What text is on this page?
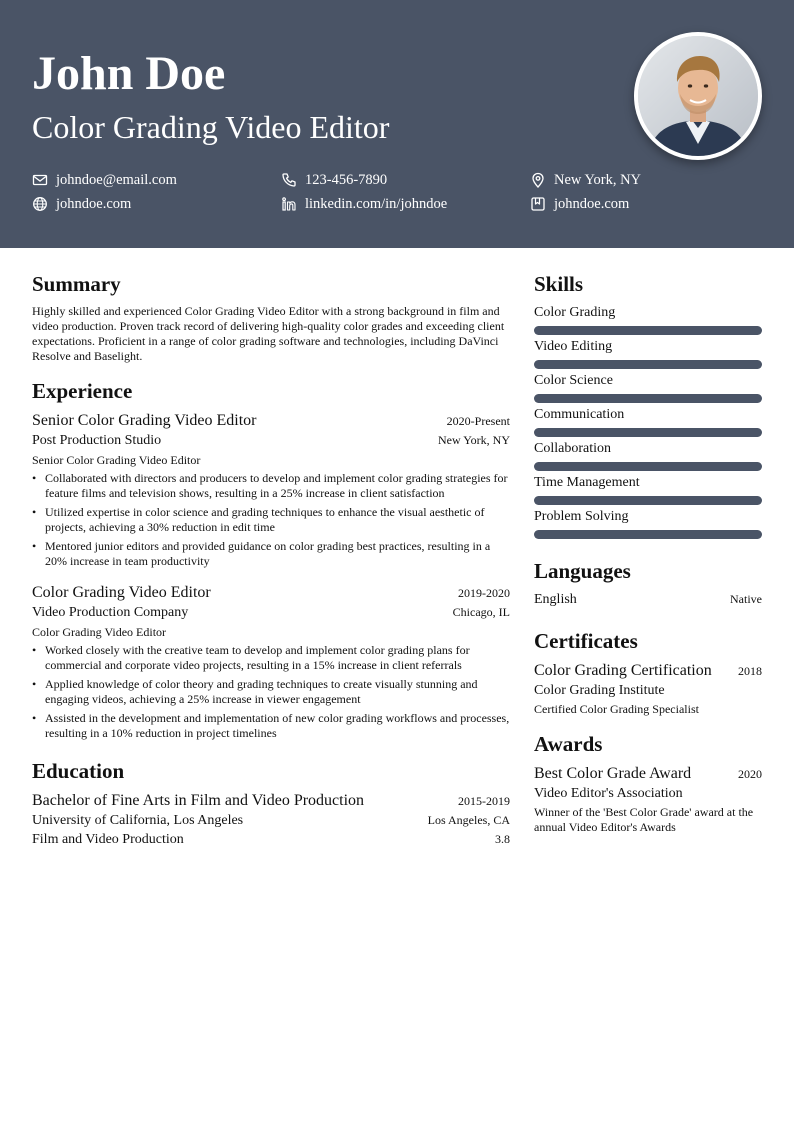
John Doe
Color Grading Video Editor
johndoe@email.com	123-456-7890	New York, NY
johndoe.com	linkedin.com/in/johndoe	johndoe.com
Summary
Highly skilled and experienced Color Grading Video Editor with a strong background in film and video production. Proven track record of delivering high-quality color grades and exceeding client expectations. Proficient in a range of color grading software and technologies, including DaVinci Resolve and Baselight.
Experience
Senior Color Grading Video Editor	2020-Present
Post Production Studio	New York, NY
Senior Color Grading Video Editor
• Collaborated with directors and producers to develop and implement color grading strategies for feature films and television shows, resulting in a 25% increase in client satisfaction
• Utilized expertise in color science and grading techniques to enhance the visual aesthetic of projects, achieving a 30% reduction in edit time
• Mentored junior editors and provided guidance on color grading best practices, resulting in a 20% increase in team productivity
Color Grading Video Editor	2019-2020
Video Production Company	Chicago, IL
Color Grading Video Editor
• Worked closely with the creative team to develop and implement color grading plans for commercial and corporate video projects, resulting in a 15% increase in client referrals
• Applied knowledge of color theory and grading techniques to create visually stunning and engaging videos, achieving a 25% increase in viewer engagement
• Assisted in the development and implementation of new color grading workflows and processes, resulting in a 10% reduction in project timelines
Education
Bachelor of Fine Arts in Film and Video Production	2015-2019
University of California, Los Angeles	Los Angeles, CA
Film and Video Production	3.8
Skills
Color Grading
Video Editing
Color Science
Communication
Collaboration
Time Management
Problem Solving
Languages
English	Native
Certificates
Color Grading Certification 2018
Color Grading Institute
Certified Color Grading Specialist
Awards
Best Color Grade Award	2020
Video Editor's Association
Winner of the 'Best Color Grade' award at the annual Video Editor's Awards
